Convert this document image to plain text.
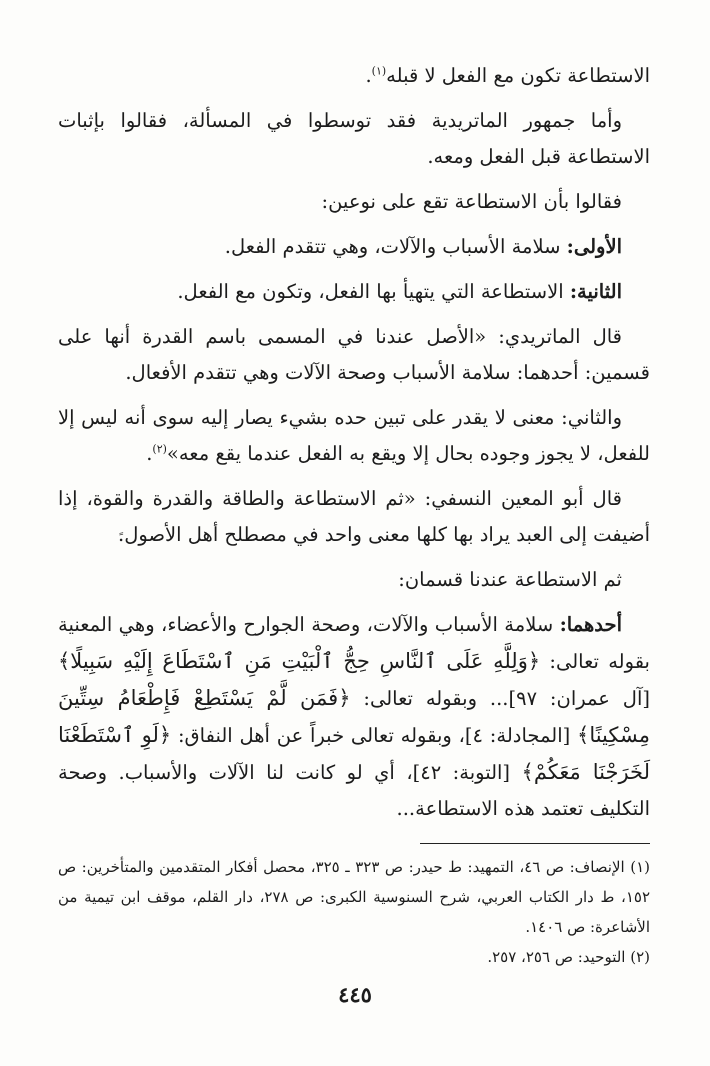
الاستطاعة تكون مع الفعل لا قبله$^{(١)}$.

وأما جمهور الماتريدية فقد توسطوا في المسألة، فقالوا بإثبات الاستطاعة قبل الفعل ومعه.

فقالوا بأن الاستطاعة تقع على نوعين:

الأولى: سلامة الأسباب والآلات، وهي تتقدم الفعل.

الثانية: الاستطاعة التي يتهيأ بها الفعل، وتكون مع الفعل.

قال الماتريدي: «الأصل عندنا في المسمى باسم القدرة أنها على قسمين: أحدهما: سلامة الأسباب وصحة الآلات وهي تتقدم الأفعال.

والثاني: معنى لا يقدر على تبين حده بشيء يصار إليه سوى أنه ليس إلا للفعل، لا يجوز وجوده بحال إلا ويقع به الفعل عندما يقع معه»$^{(٢)}$.

قال أبو المعين النسفي: «ثم الاستطاعة والطاقة والقدرة والقوة، إذا أضيفت إلى العبد يراد بها كلها معنى واحد في مصطلح أهل الأصول.

ثم الاستطاعة عندنا قسمان:

أحدهما: سلامة الأسباب والآلات، وصحة الجوارح والأعضاء، وهي المعنية بقوله تعالى: ﴿وَلِلَّهِ عَلَى ٱلنَّاسِ حِجُّ ٱلْبَيْتِ مَنِ ٱسْتَطَاعَ إِلَيْهِ سَبِيلًا﴾ [آل عمران: ٩٧]... وبقوله تعالى: ﴿فَمَن لَّمْ يَسْتَطِعْ فَإِطْعَامُ سِتِّينَ مِسْكِينًا﴾ [المجادلة: ٤]، وبقوله تعالى خبراً عن أهل النفاق: ﴿لَوِ ٱسْتَطَعْنَا لَخَرَجْنَا مَعَكُمْ﴾ [التوبة: ٤٢]، أي لو كانت لنا الآلات والأسباب. وصحة التكليف تعتمد هذه الاستطاعة...

(١) الإنصاف: ص ٤٦، التمهيد: ط حيدر: ص ٣٢٣ ـ ٣٢٥، محصل أفكار المتقدمين والمتأخرين: ص ١٥٢، ط دار الكتاب العربي، شرح السنوسية الكبرى: ص ٢٧٨، دار القلم، موقف ابن تيمية من الأشاعرة: ص ١٤٠٦.

(٢) التوحيد: ص ٢٥٦، ٢٥٧.

٤٤٥
